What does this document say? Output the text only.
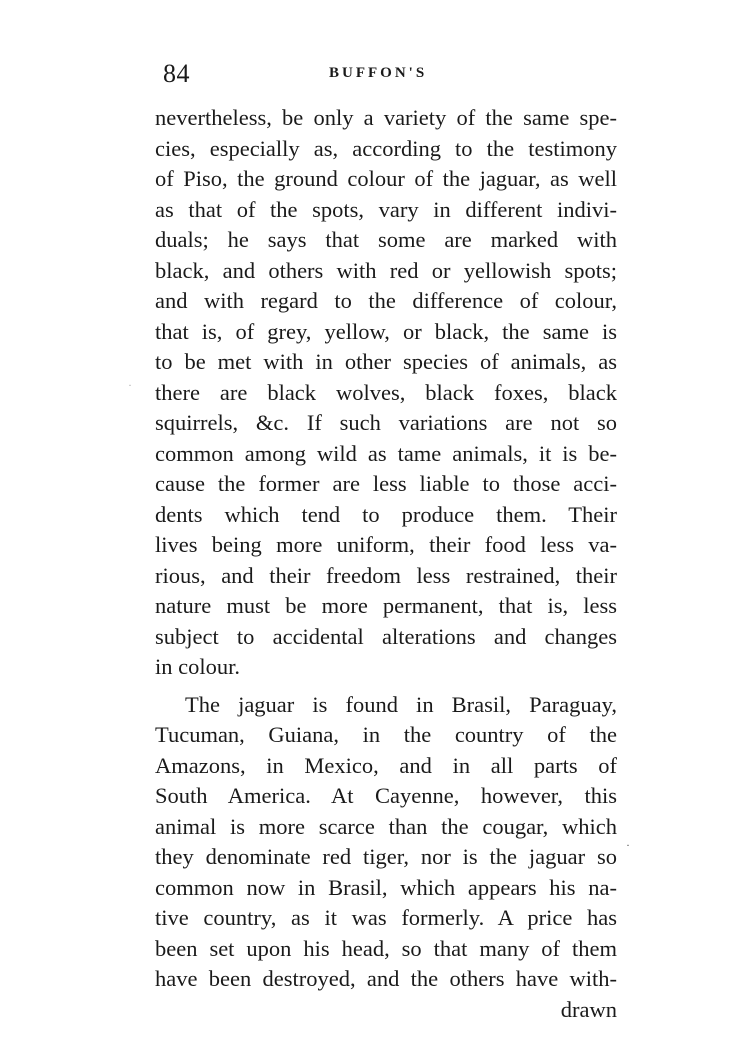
84	BUFFON'S
·
·
nevertheless, be only a variety of the same spe-
cies, especially as, according to the testimony
of Piso, the ground colour of the jaguar, as well
as that of the spots, vary in different indivi-
duals; he says that some are marked with
black, and others with red or yellowish spots;
and with regard to the difference of colour,
that is, of grey, yellow, or black, the same is
to be met with in other species of animals, as
there are black wolves, black foxes, black
squirrels, &c. If such variations are not so
common among wild as tame animals, it is be-
cause the former are less liable to those acci-
dents which tend to produce them. Their
lives being more uniform, their food less va-
rious, and their freedom less restrained, their
nature must be more permanent, that is, less
subject to accidental alterations and changes
in colour.
The jaguar is found in Brasil, Paraguay,
Tucuman, Guiana, in the country of the
Amazons, in Mexico, and in all parts of
South America. At Cayenne, however, this
animal is more scarce than the cougar, which
they denominate red tiger, nor is the jaguar so
common now in Brasil, which appears his na-
tive country, as it was formerly. A price has
been set upon his head, so that many of them
have been destroyed, and the others have with-
drawn
